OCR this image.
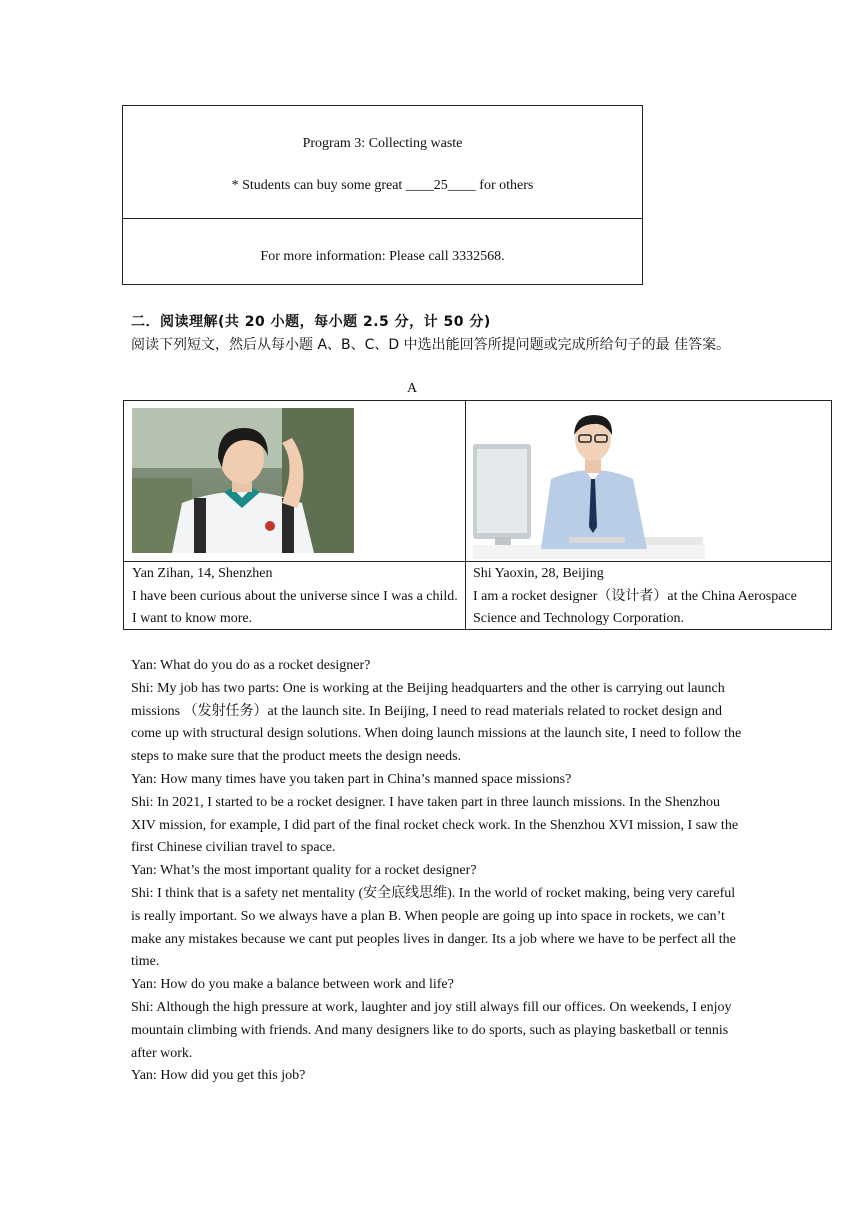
Program 3: Collecting waste
* Students can buy some great ____25____ for others
For more information: Please call 3332568.
二．阅读理解(共 20 小题，每小题 2.5 分，计 50 分)
阅读下列短文，然后从每小题 A、B、C、D 中选出能回答所提问题或完成所给句子的最 佳答案。
A
Yan Zihan, 14, Shenzhen
I have been curious about the universe since I was a child. I want to know more.
Shi Yaoxin, 28, Beijing
I am a rocket designer（设计者）at the China Aerospace Science and Technology Corporation.

Yan: What do you do as a rocket designer?

Shi: My job has two parts: One is working at the Beijing headquarters and the other is carrying out launch missions （发射任务）at the launch site. In Beijing, I need to read materials related to rocket design and come up with structural design solutions. When doing launch missions at the launch site, I need to follow the steps to make sure that the product meets the design needs.

Yan: How many times have you taken part in China’s manned space missions?

Shi: In 2021, I started to be a rocket designer. I have taken part in three launch missions. In the Shenzhou XIV mission, for example, I did part of the final rocket check work. In the Shenzhou XVI mission, I saw the first Chinese civilian travel to space.

Yan: What’s the most important quality for a rocket designer?

Shi: I think that is a safety net mentality (安全底线思维). In the world of rocket making, being very careful is really important. So we always have a plan B. When people are going up into space in rockets, we can’t make any mistakes because we cant put peoples lives in danger. Its a job where we have to be perfect all the time.

Yan: How do you make a balance between work and life?

Shi: Although the high pressure at work, laughter and joy still always fill our offices. On weekends, I enjoy mountain climbing with friends. And many designers like to do sports, such as playing basketball or tennis after work.

Yan: How did you get this job?
